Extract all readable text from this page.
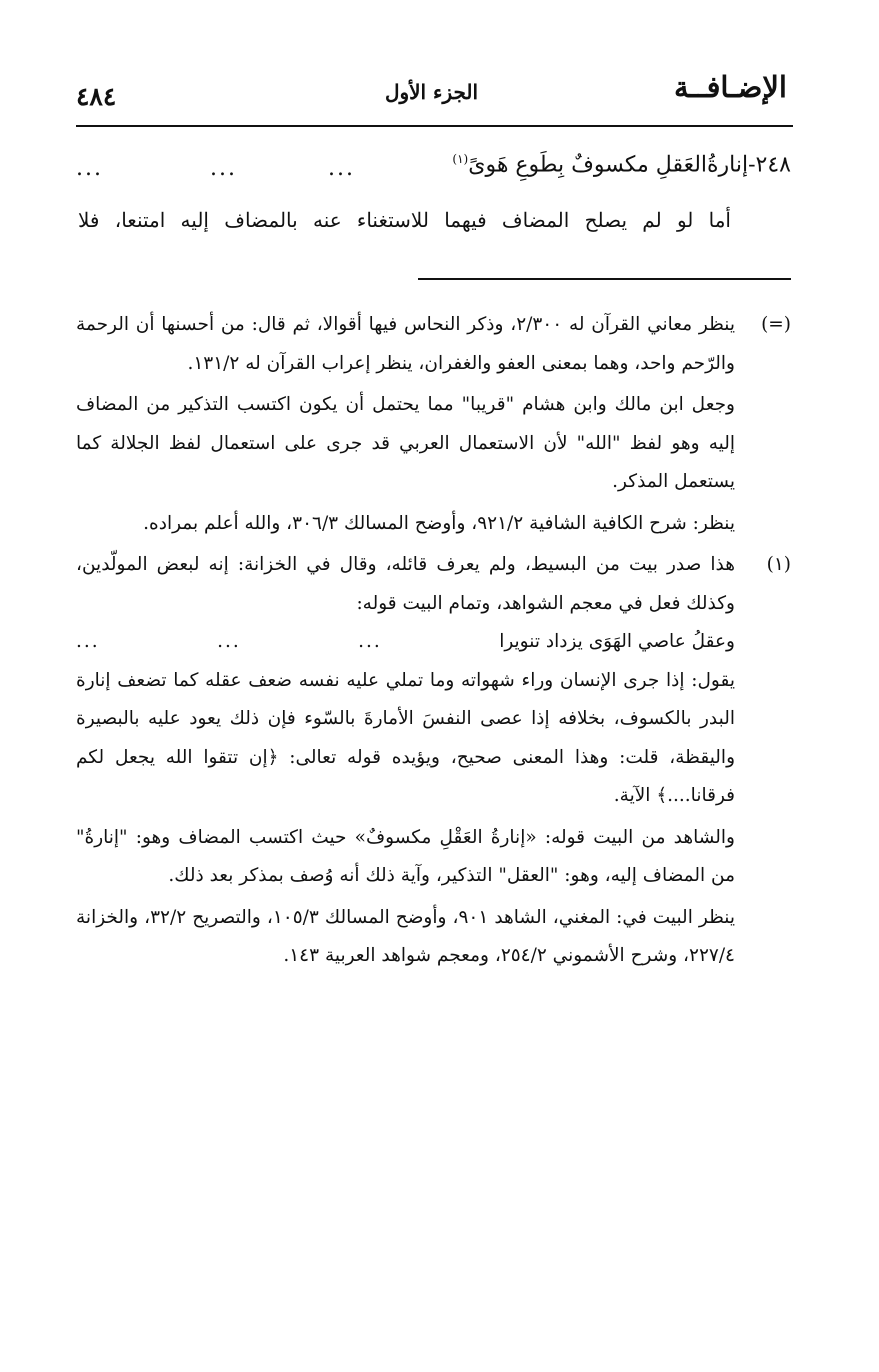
الإضـافــة
الجزء الأول
٤٨٤
٢٤٨-إنارةُالعَقلِ مكسوفٌ بِطَوعِ هَوىً$^{(١)}$
...	...	...
أما لو لم يصلح المضاف فيهما للاستغناء عنه بالمضاف إليه امتنعا، فلا
(=)

ينظر معاني القرآن له ٢/٣٠٠، وذكر النحاس فيها أقوالا، ثم قال: من أحسنها أن الرحمة والرّحم واحد، وهما بمعنى العفو والغفران، ينظر إعراب القرآن له ١٣١/٢.

وجعل ابن مالك وابن هشام "قريبا" مما يحتمل أن يكون اكتسب التذكير من المضاف إليه وهو لفظ "الله" لأن الاستعمال العربي قد جرى على استعمال لفظ الجلالة كما يستعمل المذكر.

ينظر: شرح الكافية الشافية ٩٢١/٢، وأوضح المسالك ٣٠٦/٣، والله أعلم بمراده.

(١)

هذا صدر بيت من البسيط، ولم يعرف قائله، وقال في الخزانة: إنه لبعض المولّدين، وكذلك فعل في معجم الشواهد، وتمام البيت قوله:

...	...	...	وعقلُ عاصي الهَوَى يزداد تنويرا

يقول: إذا جرى الإنسان وراء شهواته وما تملي عليه نفسه ضعف عقله كما تضعف إنارة البدر بالكسوف، بخلافه إذا عصى النفسَ الأمارةَ بالسّوء فإن ذلك يعود عليه بالبصيرة واليقظة، قلت: وهذا المعنى صحيح، ويؤيده قوله تعالى: ﴿إن تتقوا الله يجعل لكم فرقانا....﴾ الآية.

والشاهد من البيت قوله: «إنارةُ العَقْلِ مكسوفٌ» حيث اكتسب المضاف وهو: "إنارةُ" من المضاف إليه، وهو: "العقل" التذكير، وآية ذلك أنه وُصف بمذكر بعد ذلك.

ينظر البيت في: المغني، الشاهد ٩٠١، وأوضح المسالك ١٠٥/٣، والتصريح ٣٢/٢، والخزانة ٢٢٧/٤، وشرح الأشموني ٢٥٤/٢، ومعجم شواهد العربية ١٤٣.
